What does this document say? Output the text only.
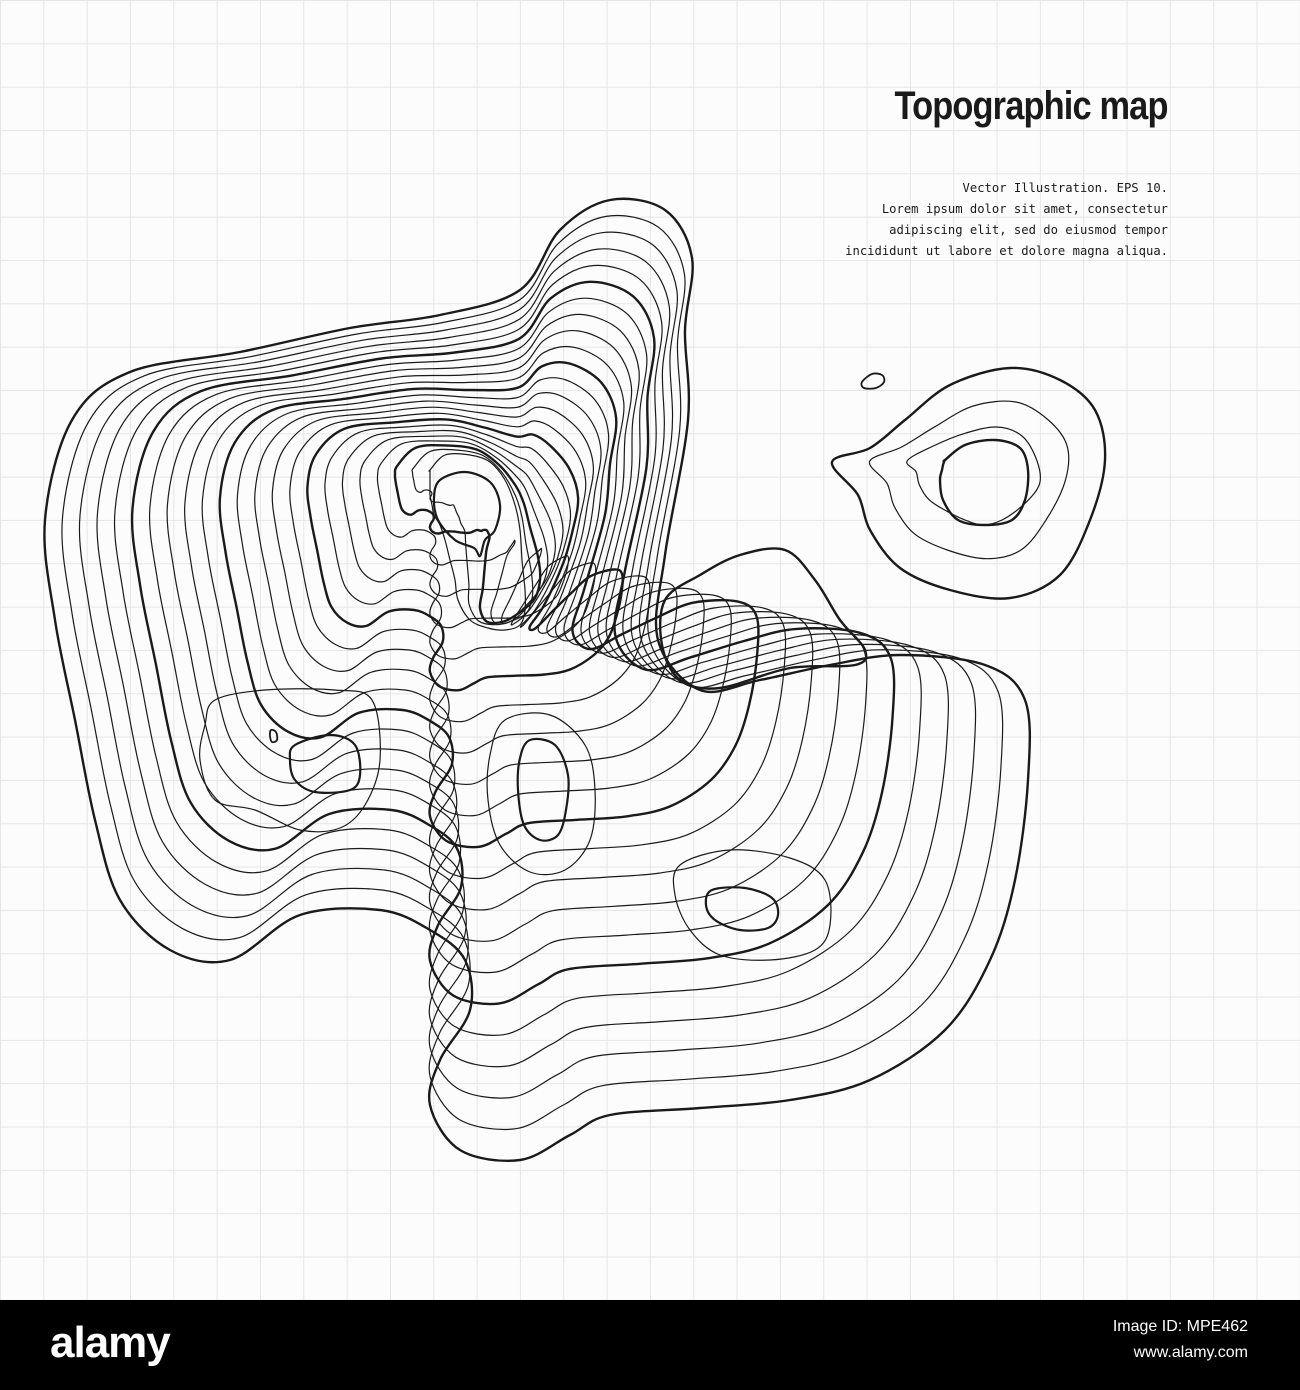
Topographic map
Vector Illustration. EPS 10.
Lorem ipsum dolor sit amet, consectetur
adipiscing elit, sed do eiusmod tempor
incididunt ut labore et dolore magna aliqua.
alamy	Image ID: MPE462
www.alamy.com
